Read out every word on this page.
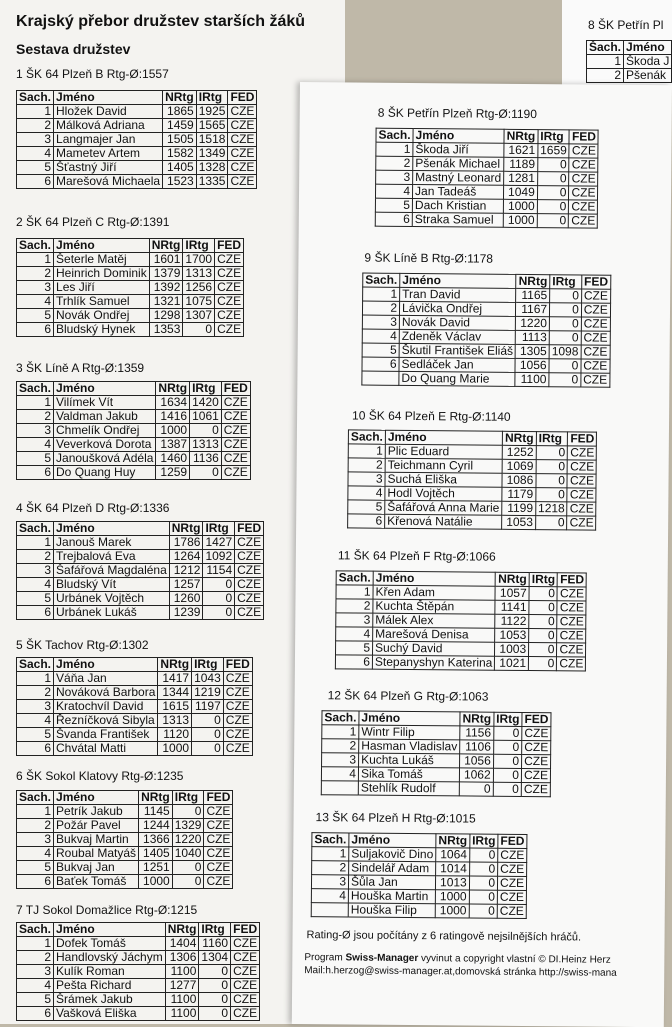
8 ŠK Petřín Pl
Šach.	Jméno
1	Škoda J
2	Pšenák
Krajský přebor družstev starších žáků
Sestava družstev
1 ŠK 64 Plzeň B Rtg-Ø:1557
Sach.	Jméno	NRtg	IRtg	FED
1	Hložek David	1865	1925	CZE
2	Málková Adriana	1459	1565	CZE
3	Langmajer Jan	1505	1518	CZE
4	Mametev Artem	1582	1349	CZE
5	Šťastný Jiří	1405	1328	CZE
6	Marešová Michaela	1523	1335	CZE
2 ŠK 64 Plzeň C Rtg-Ø:1391
Sach.	Jméno	NRtg	IRtg	FED
1	Šeterle Matěj	1601	1700	CZE
2	Heinrich Dominik	1379	1313	CZE
3	Les Jiří	1392	1256	CZE
4	Trhlík Samuel	1321	1075	CZE
5	Novák Ondřej	1298	1307	CZE
6	Bludský Hynek	1353	0	CZE
3 ŠK Líně A Rtg-Ø:1359
Sach.	Jméno	NRtg	IRtg	FED
1	Vilímek Vít	1634	1420	CZE
2	Valdman Jakub	1416	1061	CZE
3	Chmelík Ondřej	1000	0	CZE
4	Veverková Dorota	1387	1313	CZE
5	Janoušková Adéla	1460	1136	CZE
6	Do Quang Huy	1259	0	CZE
4 ŠK 64 Plzeň D Rtg-Ø:1336
Sach.	Jméno	NRtg	IRtg	FED
1	Janouš Marek	1786	1427	CZE
2	Trejbalová Eva	1264	1092	CZE
3	Šafářová Magdaléna	1212	1154	CZE
4	Bludský Vít	1257	0	CZE
5	Urbánek Vojtěch	1260	0	CZE
6	Urbánek Lukáš	1239	0	CZE
5 ŠK Tachov Rtg-Ø:1302
Sach.	Jméno	NRtg	IRtg	FED
1	Váňa Jan	1417	1043	CZE
2	Nováková Barbora	1344	1219	CZE
3	Kratochvíl David	1615	1197	CZE
4	Řezníčková Sibyla	1313	0	CZE
5	Švanda František	1120	0	CZE
6	Chvátal Matti	1000	0	CZE
6 ŠK Sokol Klatovy Rtg-Ø:1235
Sach.	Jméno	NRtg	IRtg	FED
1	Petrík Jakub	1145	0	CZE
2	Požár Pavel	1244	1329	CZE
3	Bukvaj Martin	1366	1220	CZE
4	Roubal Matyáš	1405	1040	CZE
5	Bukvaj Jan	1251	0	CZE
6	Baťek Tomáš	1000	0	CZE
7 TJ Sokol Domažlice Rtg-Ø:1215
Sach.	Jméno	NRtg	IRtg	FED
1	Dofek Tomáš	1404	1160	CZE
2	Handlovský Jáchym	1306	1304	CZE
3	Kulík Roman	1100	0	CZE
4	Pešta Richard	1277	0	CZE
5	Šrámek Jakub	1100	0	CZE
6	Vašková Eliška	1100	0	CZE
8 ŠK Petřín Plzeň Rtg-Ø:1190
Sach.	Jméno	NRtg	IRtg	FED
1	Škoda Jiří	1621	1659	CZE
2	Pšenák Michael	1189	0	CZE
3	Mastný Leonard	1281	0	CZE
4	Jan Tadeáš	1049	0	CZE
5	Dach Kristian	1000	0	CZE
6	Straka Samuel	1000	0	CZE
9 ŠK Líně B Rtg-Ø:1178
Sach.	Jméno	NRtg	IRtg	FED
1	Tran David	1165	0	CZE
2	Lávička Ondřej	1167	0	CZE
3	Novák David	1220	0	CZE
4	Zdeněk Václav	1113	0	CZE
5	Škutil František Eliáš	1305	1098	CZE
6	Sedláček Jan	1056	0	CZE
	Do Quang Marie	1100	0	CZE
10 ŠK 64 Plzeň E Rtg-Ø:1140
Sach.	Jméno	NRtg	IRtg	FED
1	Plic Eduard	1252	0	CZE
2	Teichmann Cyril	1069	0	CZE
3	Suchá Eliška	1086	0	CZE
4	Hodl Vojtěch	1179	0	CZE
5	Šafářová Anna Marie	1199	1218	CZE
6	Křenová Natálie	1053	0	CZE
11 ŠK 64 Plzeň F Rtg-Ø:1066
Sach.	Jméno	NRtg	IRtg	FED
1	Křen Adam	1057	0	CZE
2	Kuchta Štěpán	1141	0	CZE
3	Málek Alex	1122	0	CZE
4	Marešová Denisa	1053	0	CZE
5	Suchý David	1003	0	CZE
6	Stepanyshyn Katerina	1021	0	CZE
12 ŠK 64 Plzeň G Rtg-Ø:1063
Sach.	Jméno	NRtg	IRtg	FED
1	Wintr Filip	1156	0	CZE
2	Hasman Vladislav	1106	0	CZE
3	Kuchta Lukáš	1056	0	CZE
4	Sika Tomáš	1062	0	CZE
	Stehlík Rudolf	0	0	CZE
13 ŠK 64 Plzeň H Rtg-Ø:1015
Sach.	Jméno	NRtg	IRtg	FED
1	Suljakovič Dino	1064	0	CZE
2	Sindelář Adam	1014	0	CZE
3	Šůla Jan	1013	0	CZE
4	Houška Martin	1000	0	CZE
	Houška Filip	1000	0	CZE
Rating-Ø jsou počítány z 6 ratingově nejsilnějších hráčů.
Program Swiss-Manager vyvinut a copyright vlastní © DI.Heinz Herz
Mail:h.herzog@swiss-manager.at,domovská stránka http://swiss-mana
